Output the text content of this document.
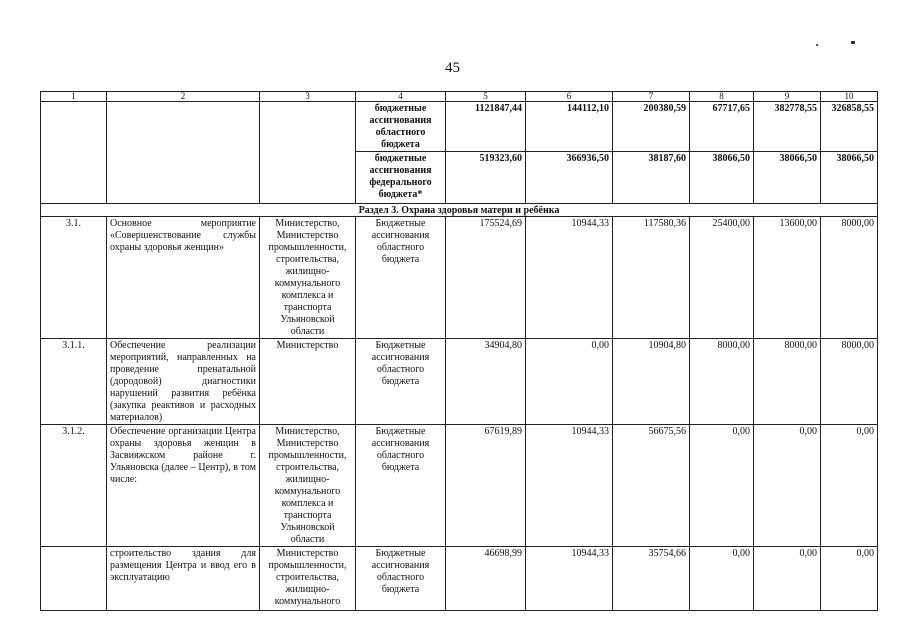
45
1	2	3	4	5	6	7	8	9	10
			бюджетные ассигнования областного бюджета	1121847,44	144112,10	200380,59	67717,65	382778,55	326858,55
			бюджетные ассигнования федерального бюджета*	519323,60	366936,50	38187,60	38066,50	38066,50	38066,50
Раздел 3. Охрана здоровья матери и ребёнка									
3.1.	Основное мероприятие «Совершенствование службы охраны здоровья женщин»	Министерство, Министерство промышленности, строительства, жилищно-коммунального комплекса и транспорта Ульяновской области	Бюджетные ассигнования областного бюджета	175524,69	10944,33	117580,36	25400,00	13600,00	8000,00
3.1.1.	Обеспечение реализации мероприятий, направленных на проведение пренатальной (дородовой) диагностики нарушений развития ребёнка (закупка реактивов и расходных материалов)	Министерство	Бюджетные ассигнования областного бюджета	34904,80	0,00	10904,80	8000,00	8000,00	8000,00
3.1.2.	Обеспечение организации Центра охраны здоровья женщин в Засвияжском районе г. Ульяновска (далее – Центр), в том числе:	Министерство, Министерство промышленности, строительства, жилищно-коммунального комплекса и транспорта Ульяновской области	Бюджетные ассигнования областного бюджета	67619,89	10944,33	56675,56	0,00	0,00	0,00
	строительство здания для размещения Центра и ввод его в эксплуатацию	Министерство промышленности, строительства, жилищно-коммунального	Бюджетные ассигнования областного бюджета	46698,99	10944,33	35754,66	0,00	0,00	0,00
